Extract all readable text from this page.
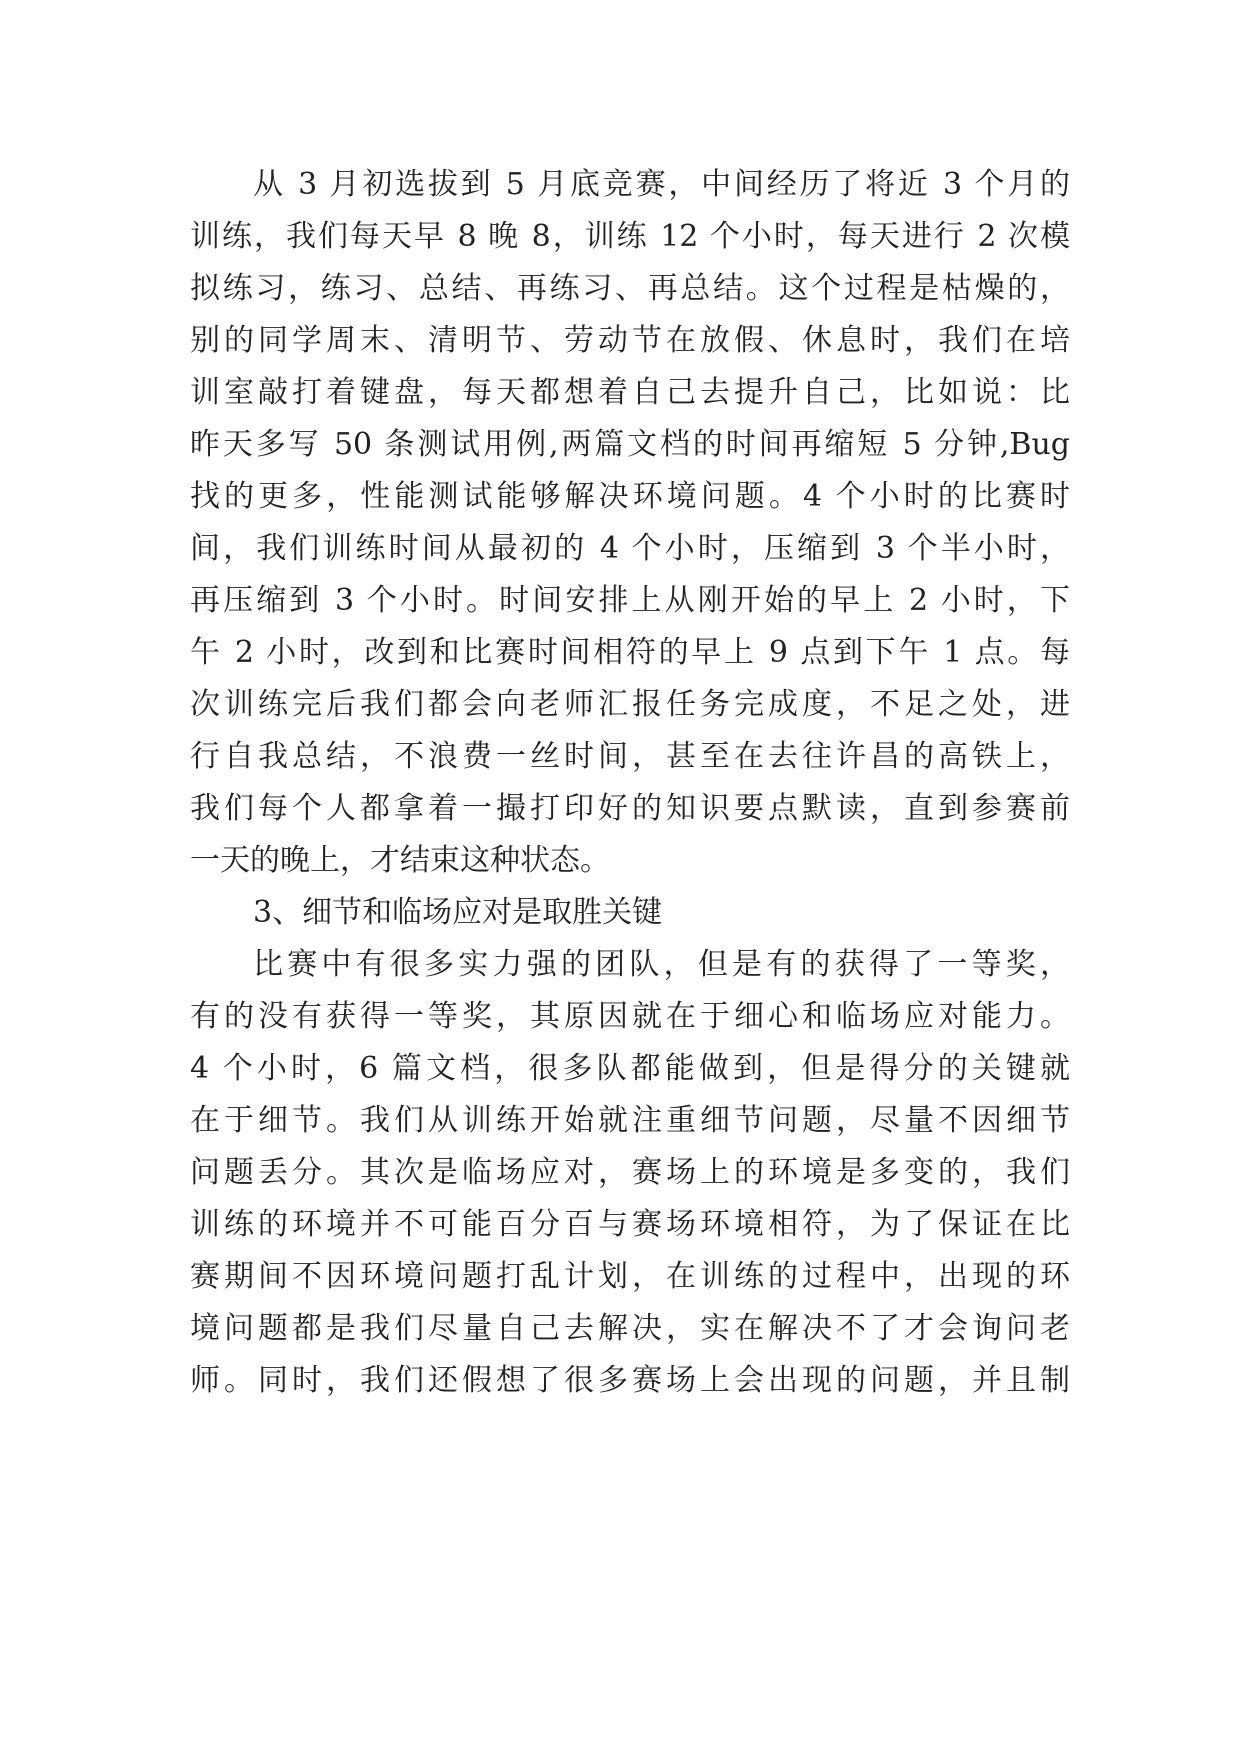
从 3 月初选拔到 5 月底竞赛，中间经历了将近 3 个月的

训练，我们每天早 8 晚 8，训练 12 个小时，每天进行 2 次模

拟练习，练习、总结、再练习、再总结。这个过程是枯燥的，

别的同学周末、清明节、劳动节在放假、休息时，我们在培

训室敲打着键盘，每天都想着自己去提升自己，比如说：比

昨天多写 50 条测试用例,两篇文档的时间再缩短 5 分钟,Bug

找的更多，性能测试能够解决环境问题。4 个小时的比赛时

间，我们训练时间从最初的 4 个小时，压缩到 3 个半小时，

再压缩到 3 个小时。时间安排上从刚开始的早上 2 小时，下

午 2 小时，改到和比赛时间相符的早上 9 点到下午 1 点。每

次训练完后我们都会向老师汇报任务完成度，不足之处，进

行自我总结，不浪费一丝时间，甚至在去往许昌的高铁上，

我们每个人都拿着一撮打印好的知识要点默读，直到参赛前

一天的晚上，才结束这种状态。

3、细节和临场应对是取胜关键

比赛中有很多实力强的团队，但是有的获得了一等奖，

有的没有获得一等奖，其原因就在于细心和临场应对能力。

4 个小时，6 篇文档，很多队都能做到，但是得分的关键就

在于细节。我们从训练开始就注重细节问题，尽量不因细节

问题丢分。其次是临场应对，赛场上的环境是多变的，我们

训练的环境并不可能百分百与赛场环境相符，为了保证在比

赛期间不因环境问题打乱计划，在训练的过程中，出现的环

境问题都是我们尽量自己去解决，实在解决不了才会询问老

师。同时，我们还假想了很多赛场上会出现的问题，并且制
